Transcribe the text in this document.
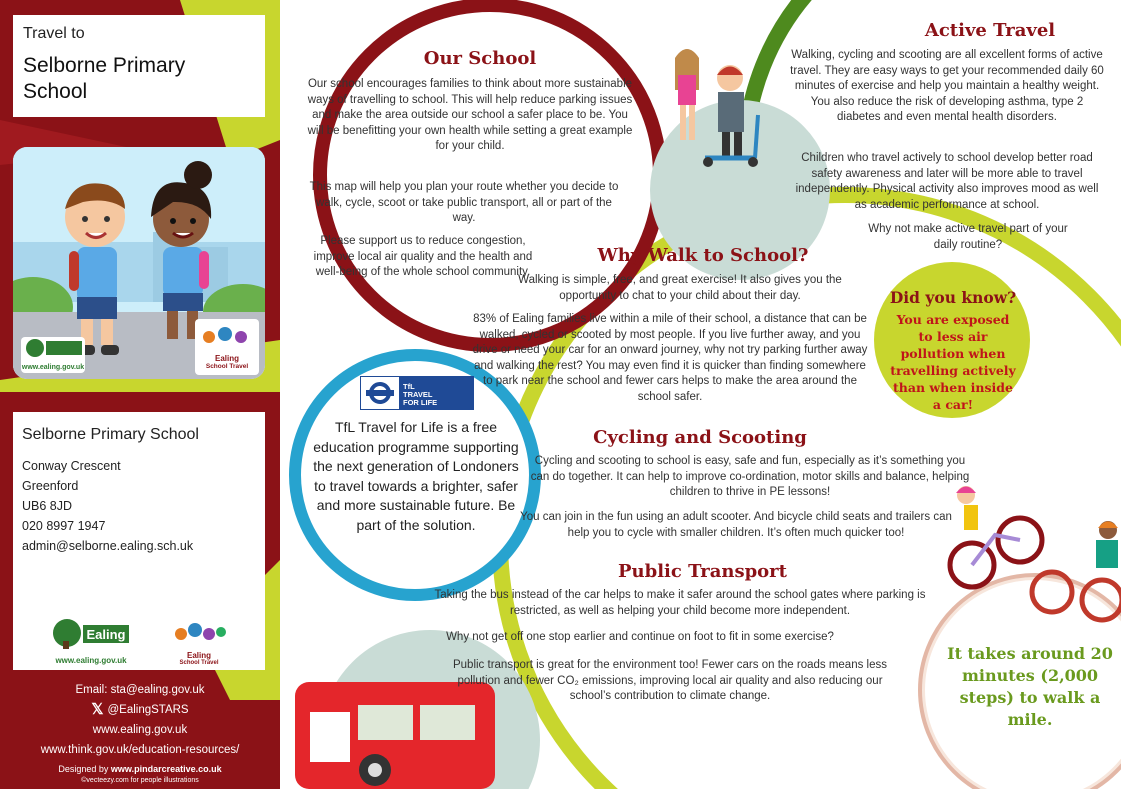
Travel to
Selborne Primary School
www.ealing.gov.uk
Ealing
School Travel
Selborne Primary School
Conway Crescent
Greenford
UB6 8JD
020 8997 1947
admin@selborne.ealing.sch.uk
Ealing
www.ealing.gov.uk
Ealing
School Travel
Email: sta@ealing.gov.uk
𝕏 @EalingSTARS
www.ealing.gov.uk
www.think.gov.uk/education-resources/
Designed by www.pindarcreative.co.uk
©vecteezy.com for people illustrations
Our School
Our school encourages families to think about more sustainable ways of travelling to school. This will help reduce parking issues and make the area outside our school a safer place to be. You will be benefitting your own health while setting a great example for your child.
This map will help you plan your route whether you decide to walk, cycle, scoot or take public transport, all or part of the way.
Please support us to reduce congestion, improve local air quality and the health and well-being of the whole school community.
Active Travel
Walking, cycling and scooting are all excellent forms of active travel. They are easy ways to get your recommended daily 60 minutes of exercise and help you maintain a healthy weight. You also reduce the risk of developing asthma, type 2 diabetes and even mental health disorders.
Children who travel actively to school develop better road safety awareness and later will be more able to travel independently. Physical activity also improves mood as well as academic performance at school.
Why not make active travel part of your daily routine?
Why Walk to School?
Walking is simple, free, and great exercise! It also gives you the opportunity to chat to your child about their day.
83% of Ealing families live within a mile of their school, a distance that can be walked, cycled or scooted by most people. If you live further away, and you drive or need your car for an onward journey, why not try parking further away and walking the rest? You may even find it is quicker than finding somewhere to park near the school and fewer cars helps to make the area around the school safer.
Did you know?
You are exposed to less air pollution when travelling actively than when inside a car!
TfL
TRAVEL
FOR LIFE
TfL Travel for Life is a free education programme supporting the next generation of Londoners to travel towards a brighter, safer and more sustainable future. Be part of the solution.
Cycling and Scooting
Cycling and scooting to school is easy, safe and fun, especially as it’s something you can do together. It can help to improve co-ordination, motor skills and balance, helping children to thrive in PE lessons!
You can join in the fun using an adult scooter. And bicycle child seats and trailers can help you to cycle with smaller children. It’s often much quicker too!
Public Transport
Taking the bus instead of the car helps to make it safer around the school gates where parking is restricted, as well as helping your child become more independent.
Why not get off one stop earlier and continue on foot to fit in some exercise?
Public transport is great for the environment too! Fewer cars on the roads means less pollution and fewer CO₂ emissions, improving local air quality and also reducing our school’s contribution to climate change.
It takes around 20 minutes (2,000 steps) to walk a mile.
